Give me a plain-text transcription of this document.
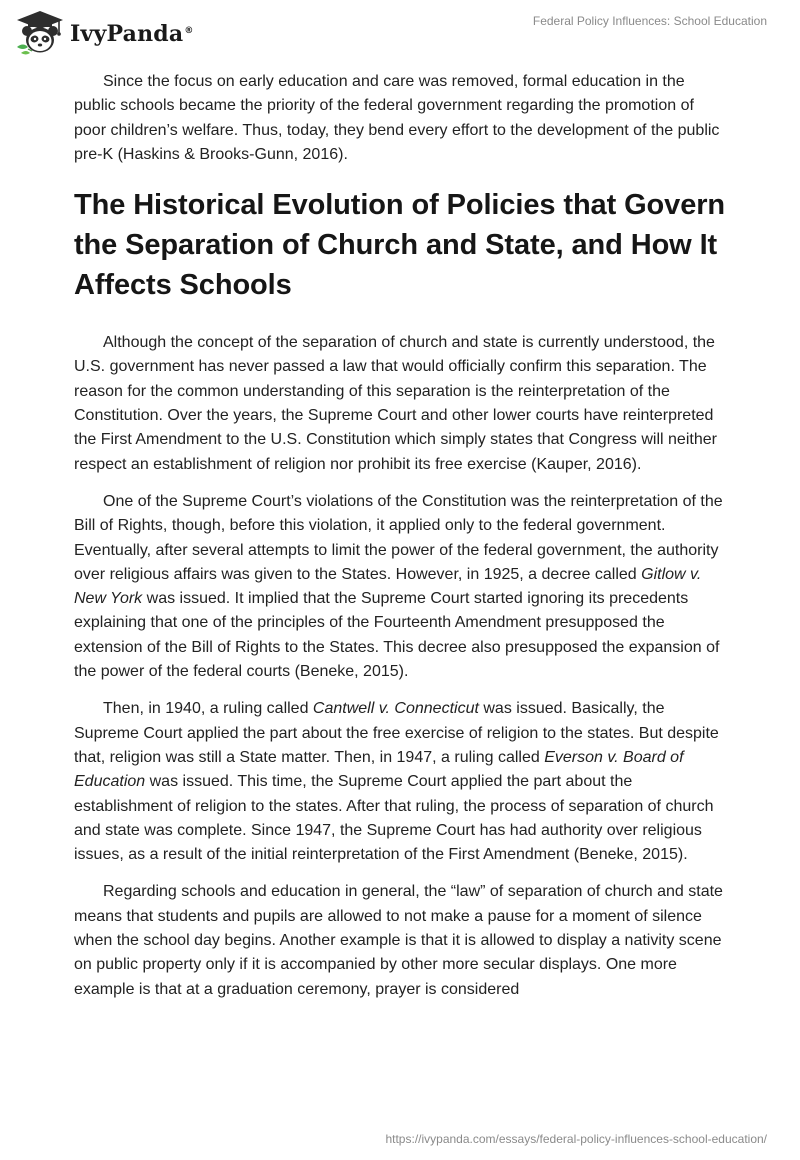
IvyPanda®
Federal Policy Influences: School Education

Since the focus on early education and care was removed, formal education in the public schools became the priority of the federal government regarding the promotion of poor children’s welfare. Thus, today, they bend every effort to the development of the public pre-K (Haskins & Brooks-Gunn, 2016).

The Historical Evolution of Policies that Govern the Separation of Church and State, and How It Affects Schools

Although the concept of the separation of church and state is currently understood, the U.S. government has never passed a law that would officially confirm this separation. The reason for the common understanding of this separation is the reinterpretation of the Constitution. Over the years, the Supreme Court and other lower courts have reinterpreted the First Amendment to the U.S. Constitution which simply states that Congress will neither respect an establishment of religion nor prohibit its free exercise (Kauper, 2016).

One of the Supreme Court’s violations of the Constitution was the reinterpretation of the Bill of Rights, though, before this violation, it applied only to the federal government. Eventually, after several attempts to limit the power of the federal government, the authority over religious affairs was given to the States. However, in 1925, a decree called Gitlow v. New York was issued. It implied that the Supreme Court started ignoring its precedents explaining that one of the principles of the Fourteenth Amendment presupposed the extension of the Bill of Rights to the States. This decree also presupposed the expansion of the power of the federal courts (Beneke, 2015).

Then, in 1940, a ruling called Cantwell v. Connecticut was issued. Basically, the Supreme Court applied the part about the free exercise of religion to the states. But despite that, religion was still a State matter. Then, in 1947, a ruling called Everson v. Board of Education was issued. This time, the Supreme Court applied the part about the establishment of religion to the states. After that ruling, the process of separation of church and state was complete. Since 1947, the Supreme Court has had authority over religious issues, as a result of the initial reinterpretation of the First Amendment (Beneke, 2015).

Regarding schools and education in general, the “law” of separation of church and state means that students and pupils are allowed to not make a pause for a moment of silence when the school day begins. Another example is that it is allowed to display a nativity scene on public property only if it is accompanied by other more secular displays. One more example is that at a graduation ceremony, prayer is considered

https://ivypanda.com/essays/federal-policy-influences-school-education/
